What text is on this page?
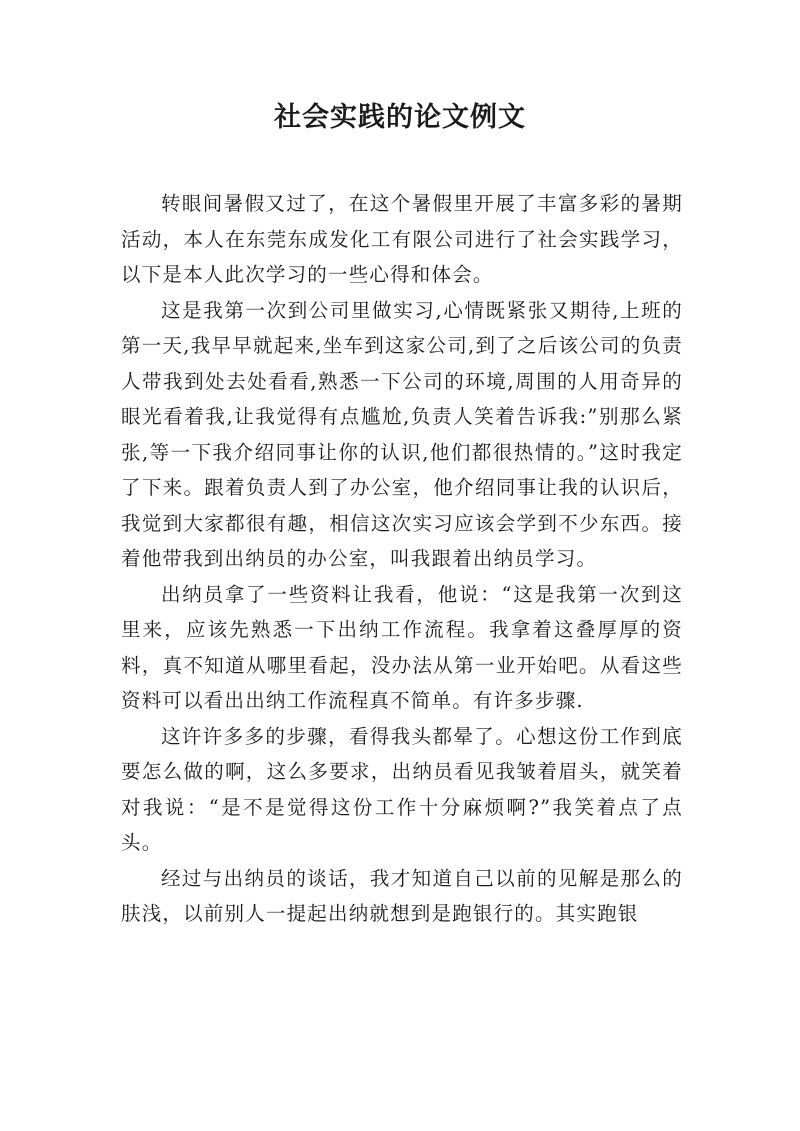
社会实践的论文例文

转眼间暑假又过了，在这个暑假里开展了丰富多彩的暑期活动，本人在东莞东成发化工有限公司进行了社会实践学习，以下是本人此次学习的一些心得和体会。

这是我第一次到公司里做实习,心情既紧张又期待,上班的第一天,我早早就起来,坐车到这家公司,到了之后该公司的负责人带我到处去处看看,熟悉一下公司的环境,周围的人用奇异的眼光看着我,让我觉得有点尴尬,负责人笑着告诉我:”别那么紧张,等一下我介绍同事让你的认识,他们都很热情的。”这时我定了下来。跟着负责人到了办公室，他介绍同事让我的认识后，我觉到大家都很有趣，相信这次实习应该会学到不少东西。接着他带我到出纳员的办公室，叫我跟着出纳员学习。

出纳员拿了一些资料让我看，他说：“这是我第一次到这里来，应该先熟悉一下出纳工作流程。我拿着这叠厚厚的资料，真不知道从哪里看起，没办法从第一业开始吧。从看这些资料可以看出出纳工作流程真不简单。有许多步骤.

这许许多多的步骤，看得我头都晕了。心想这份工作到底要怎么做的啊，这么多要求，出纳员看见我皱着眉头，就笑着对我说：“是不是觉得这份工作十分麻烦啊?”我笑着点了点头。

经过与出纳员的谈话，我才知道自己以前的见解是那么的肤浅，以前别人一提起出纳就想到是跑银行的。其实跑银
